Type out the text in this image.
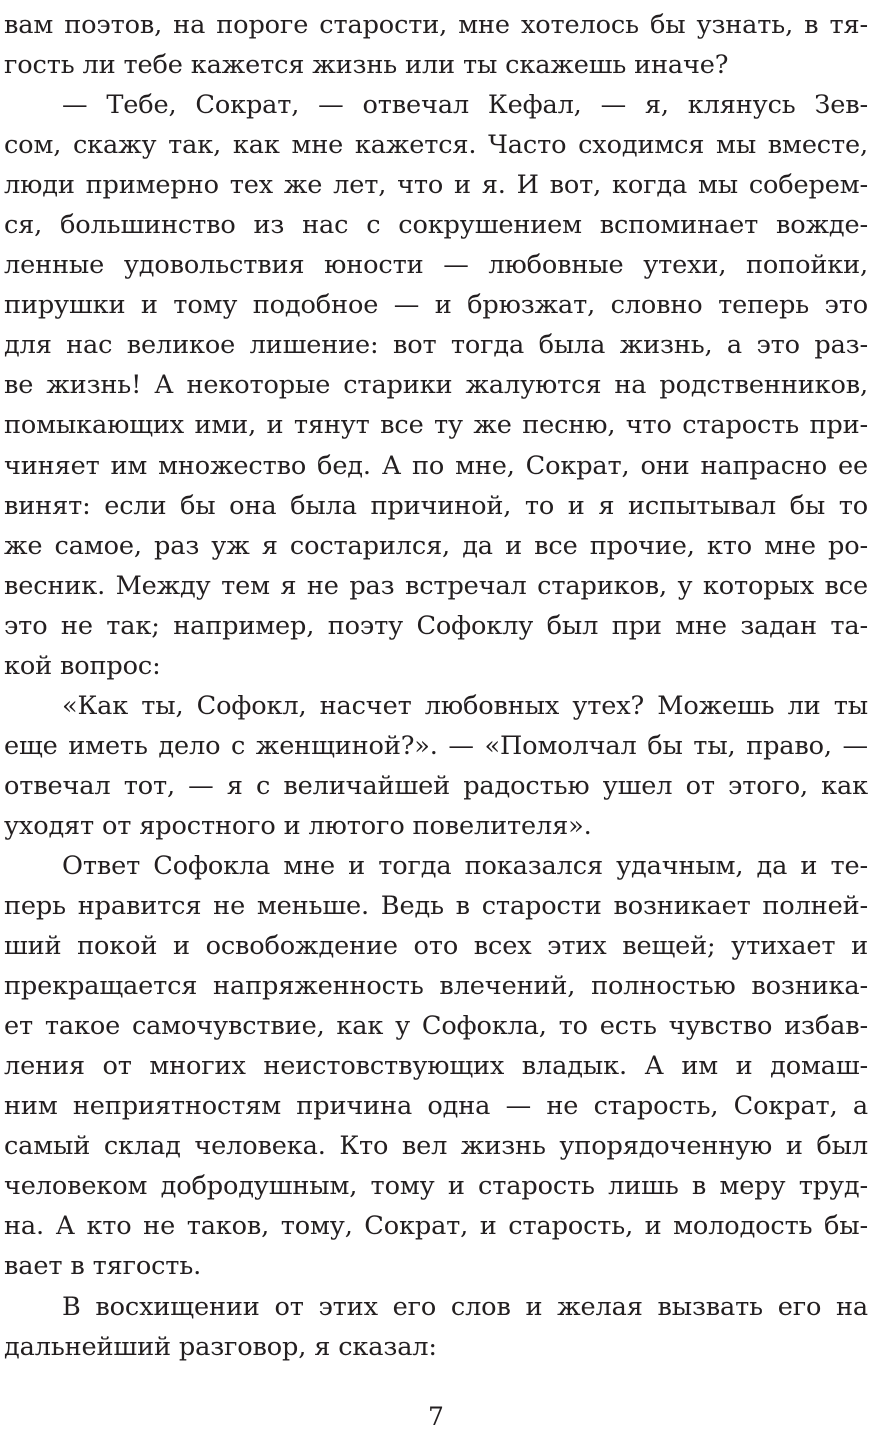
вам поэтов, на пороге старости, мне хотелось бы узнать, в тя-
гость ли тебе кажется жизнь или ты скажешь иначе?
— Тебе, Сократ, — отвечал Кефал, — я, клянусь Зев-
сом, скажу так, как мне кажется. Часто сходимся мы вместе,
люди примерно тех же лет, что и я. И вот, когда мы соберем-
ся, большинство из нас с сокрушением вспоминает вожде-
ленные удовольствия юности — любовные утехи, попойки,
пирушки и тому подобное — и брюзжат, словно теперь это
для нас великое лишение: вот тогда была жизнь, а это раз-
ве жизнь! А некоторые старики жалуются на родственников,
помыкающих ими, и тянут все ту же песню, что старость при-
чиняет им множество бед. А по мне, Сократ, они напрасно ее
винят: если бы она была причиной, то и я испытывал бы то
же самое, раз уж я состарился, да и все прочие, кто мне ро-
весник. Между тем я не раз встречал стариков, у которых все
это не так; например, поэту Софоклу был при мне задан та-
кой вопрос:
«Как ты, Софокл, насчет любовных утех? Можешь ли ты
еще иметь дело с женщиной?». — «Помолчал бы ты, право, —
отвечал тот, — я с величайшей радостью ушел от этого, как
уходят от яростного и лютого повелителя».
Ответ Софокла мне и тогда показался удачным, да и те-
перь нравится не меньше. Ведь в старости возникает полней-
ший покой и освобождение ото всех этих вещей; утихает и
прекращается напряженность влечений, полностью возника-
ет такое самочувствие, как у Софокла, то есть чувство избав-
ления от многих неистовствующих владык. А им и домаш-
ним неприятностям причина одна — не старость, Сократ, а
самый склад человека. Кто вел жизнь упорядоченную и был
человеком добродушным, тому и старость лишь в меру труд-
на. А кто не таков, тому, Сократ, и старость, и молодость бы-
вает в тягость.
В восхищении от этих его слов и желая вызвать его на
дальнейший разговор, я сказал:
7
